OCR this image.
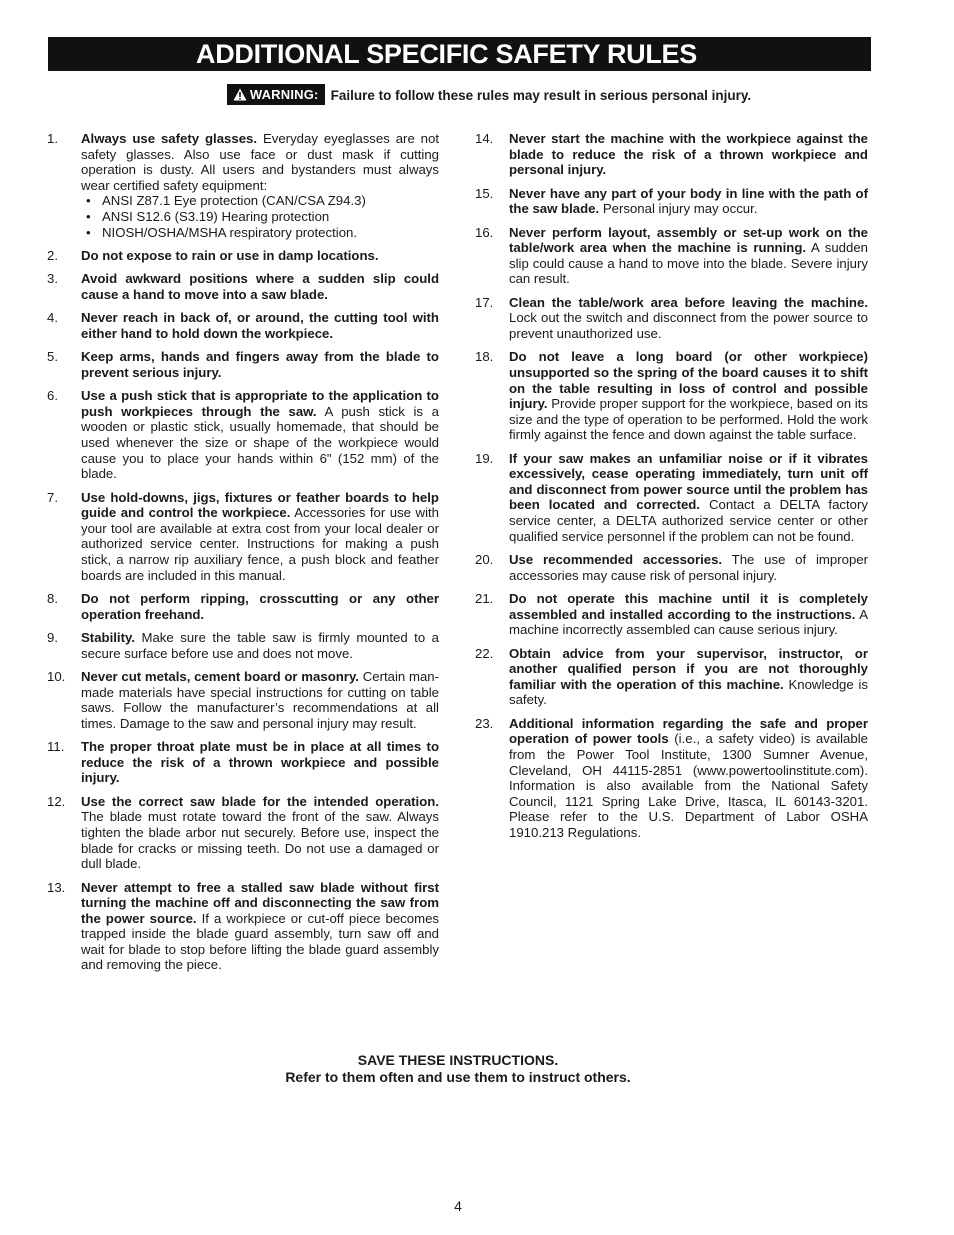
ADDITIONAL SPECIFIC SAFETY RULES
WARNING: Failure to follow these rules may result in serious personal injury.
1.	Always use safety glasses. Everyday eyeglasses are not safety glasses. Also use face or dust mask if cutting operation is dusty. All users and bystanders must always wear certified safety equipment:
• ANSI Z87.1 Eye protection (CAN/CSA Z94.3)
• ANSI S12.6 (S3.19) Hearing protection
• NIOSH/OSHA/MSHA respiratory protection.
2.	Do not expose to rain or use in damp locations.
3.	Avoid awkward positions where a sudden slip could cause a hand to move into a saw blade.
4.	Never reach in back of, or around, the cutting tool with either hand to hold down the workpiece.
5.	Keep arms, hands and fingers away from the blade to prevent serious injury.
6.	Use a push stick that is appropriate to the application to push workpieces through the saw. A push stick is a wooden or plastic stick, usually homemade, that should be used whenever the size or shape of the workpiece would cause you to place your hands within 6" (152 mm) of the blade.
7.	Use hold-downs, jigs, fixtures or feather boards to help guide and control the workpiece. Accessories for use with your tool are available at extra cost from your local dealer or authorized service center. Instructions for making a push stick, a narrow rip auxiliary fence, a push block and feather boards are included in this manual.
8.	Do not perform ripping, crosscutting or any other operation freehand.
9.	Stability. Make sure the table saw is firmly mounted to a secure surface before use and does not move.
10.	Never cut metals, cement board or masonry. Certain man-made materials have special instructions for cutting on table saws. Follow the manufacturer’s recommendations at all times. Damage to the saw and personal injury may result.
11.	The proper throat plate must be in place at all times to reduce the risk of a thrown workpiece and possible injury.
12.	Use the correct saw blade for the intended operation. The blade must rotate toward the front of the saw. Always tighten the blade arbor nut securely. Before use, inspect the blade for cracks or missing teeth. Do not use a damaged or dull blade.
13.	Never attempt to free a stalled saw blade without first turning the machine off and disconnecting the saw from the power source. If a workpiece or cut-off piece becomes trapped inside the blade guard assembly, turn saw off and wait for blade to stop before lifting the blade guard assembly and removing the piece.
14.	Never start the machine with the workpiece against the blade to reduce the risk of a thrown workpiece and personal injury.
15.	Never have any part of your body in line with the path of the saw blade. Personal injury may occur.
16.	Never perform layout, assembly or set-up work on the table/work area when the machine is running. A sudden slip could cause a hand to move into the blade. Severe injury can result.
17.	Clean the table/work area before leaving the machine. Lock out the switch and disconnect from the power source to prevent unauthorized use.
18.	Do not leave a long board (or other workpiece) unsupported so the spring of the board causes it to shift on the table resulting in loss of control and possible injury. Provide proper support for the workpiece, based on its size and the type of operation to be performed. Hold the work firmly against the fence and down against the table surface.
19.	If your saw makes an unfamiliar noise or if it vibrates excessively, cease operating immediately, turn unit off and disconnect from power source until the problem has been located and corrected. Contact a DELTA factory service center, a DELTA authorized service center or other qualified service personnel if the problem can not be found.
20.	Use recommended accessories. The use of improper accessories may cause risk of personal injury.
21.	Do not operate this machine until it is completely assembled and installed according to the instructions. A machine incorrectly assembled can cause serious injury.
22.	Obtain advice from your supervisor, instructor, or another qualified person if you are not thoroughly familiar with the operation of this machine. Knowledge is safety.
23.	Additional information regarding the safe and proper operation of power tools (i.e., a safety video) is available from the Power Tool Institute, 1300 Sumner Avenue, Cleveland, OH 44115-2851 (www.powertoolinstitute.com). Information is also available from the National Safety Council, 1121 Spring Lake Drive, Itasca, IL 60143-3201. Please refer to the U.S. Department of Labor OSHA 1910.213 Regulations.
SAVE THESE INSTRUCTIONS.
Refer to them often and use them to instruct others.
4
